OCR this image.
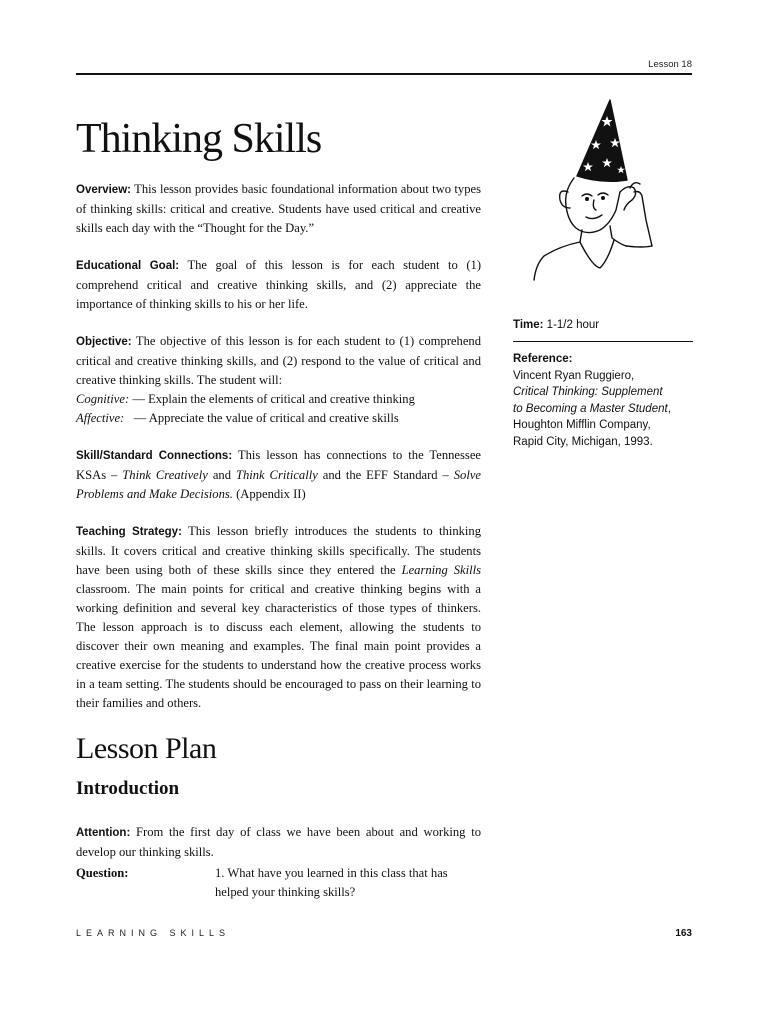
Lesson 18
Thinking Skills

Overview: This lesson provides basic foundational information about two types of thinking skills: critical and creative. Students have used critical and creative skills each day with the “Thought for the Day.”

Educational Goal: The goal of this lesson is for each student to (1) comprehend critical and creative thinking skills, and (2) appreciate the importance of thinking skills to his or her life.

Objective: The objective of this lesson is for each student to (1) comprehend critical and creative thinking skills, and (2) respond to the value of critical and creative thinking skills. The student will:
Cognitive: — Explain the elements of critical and creative thinking
Affective: — Appreciate the value of critical and creative skills

Skill/Standard Connections: This lesson has connections to the Tennessee KSAs – Think Creatively and Think Critically and the EFF Standard – Solve Problems and Make Decisions. (Appendix II)

Teaching Strategy: This lesson briefly introduces the students to thinking skills. It covers critical and creative thinking skills specifically. The students have been using both of these skills since they entered the Learning Skills classroom. The main points for critical and creative thinking begins with a working definition and several key characteristics of those types of thinkers. The lesson approach is to discuss each element, allowing the students to discover their own meaning and examples. The final main point provides a creative exercise for the students to understand how the creative process works in a team setting. The students should be encouraged to pass on their learning to their families and others.

Lesson Plan
Introduction

Attention: From the first day of class we have been about and working to develop our thinking skills.

Question:	1. What have you learned in this class that has helped your thinking skills?
Time: 1-1/2 hour
Reference:
Vincent Ryan Ruggiero,
Critical Thinking: Supplement
to Becoming a Master Student,
Houghton Mifflin Company,
Rapid City, Michigan, 1993.
LEARNING SKILLS	163
